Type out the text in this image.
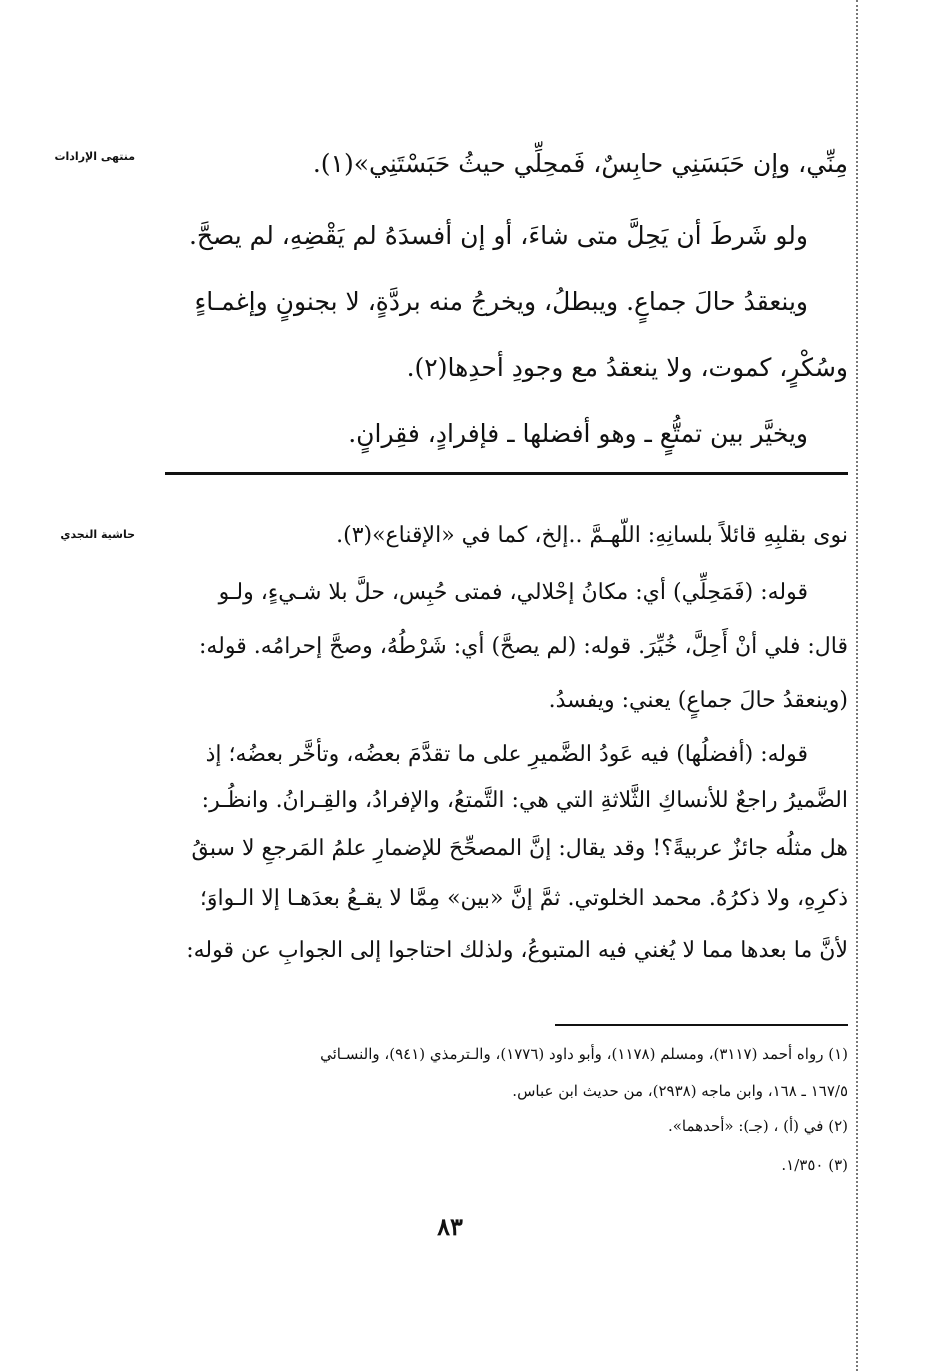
منتهى الإرادات
حاشية النجدي

مِنِّي، وإن حَبَسَنِي حابِسٌ، فَمحِلِّي حيثُ حَبَسْتَنِي»(١).

ولو شَرطَ أن يَحِلَّ متى شاءَ، أو إن أفسدَهُ لم يَقْضِهِ، لم يصحَّ.

وينعقدُ حالَ جماعٍ. ويبطلُ، ويخرجُ منه بردَّةٍ، لا بجنونٍ وإغمـاءٍ

وسُكْرٍ، كموت، ولا ينعقدُ مع وجودِ أحدِها(٢).

ويخيَّر بين تمتُّعٍ ـ وهو أفضلها ـ فإفرادٍ، فقِرانٍ.

نوى بقلبِهِ قائلاً بلسانِهِ: اللّهـمَّ ..إلخ، كما في «الإقناع»(٣).

قوله: (فَمَحِلِّي) أي: مكانُ إحْلالي، فمتى حُبِس، حلَّ بلا شـيءٍ، ولـو

قال: فلي أنْ أَحِلَّ، خُيِّرَ. قوله: (لم يصحَّ) أي: شَرْطُهُ، وصحَّ إحرامُه. قوله:

(وينعقدُ حالَ جماعٍ) يعني: ويفسدُ.

قوله: (أفضلُها) فيه عَودُ الضَّميرِ على ما تقدَّمَ بعضُه، وتأخَّر بعضُه؛ إذ

الضَّميرُ راجعٌ للأنساكِ الثَّلاثةِ التي هي: التَّمتعُ، والإفرادُ، والقِـرانُ. وانظُـر:

هل مثلُه جائزٌ عربيةً؟! وقد يقال: إنَّ المصحِّحَ للإضمارِ علمُ المَرجعِ لا سبقُ

ذكرِهِ، ولا ذكرُهُ. محمد الخلوتي. ثمَّ إنَّ «بين» مِمَّا لا يقـعُ بعدَهـا إلا الـواوَ؛

لأنَّ ما بعدها مما لا يُغني فيه المتبوعُ، ولذلك احتاجوا إلى الجوابِ عن قوله:

(١) رواه أحمد (٣١١٧)، ومسلم (١١٧٨)، وأبو داود (١٧٧٦)، والـترمذي (٩٤١)، والنسـائي

١٦٧/٥ ـ ١٦٨، وابن ماجه (٢٩٣٨)، من حديث ابن عباس.

(٢) في (أ) ، (جـ): «أحدهما».

(٣) ١/٣٥٠.

٨٣
